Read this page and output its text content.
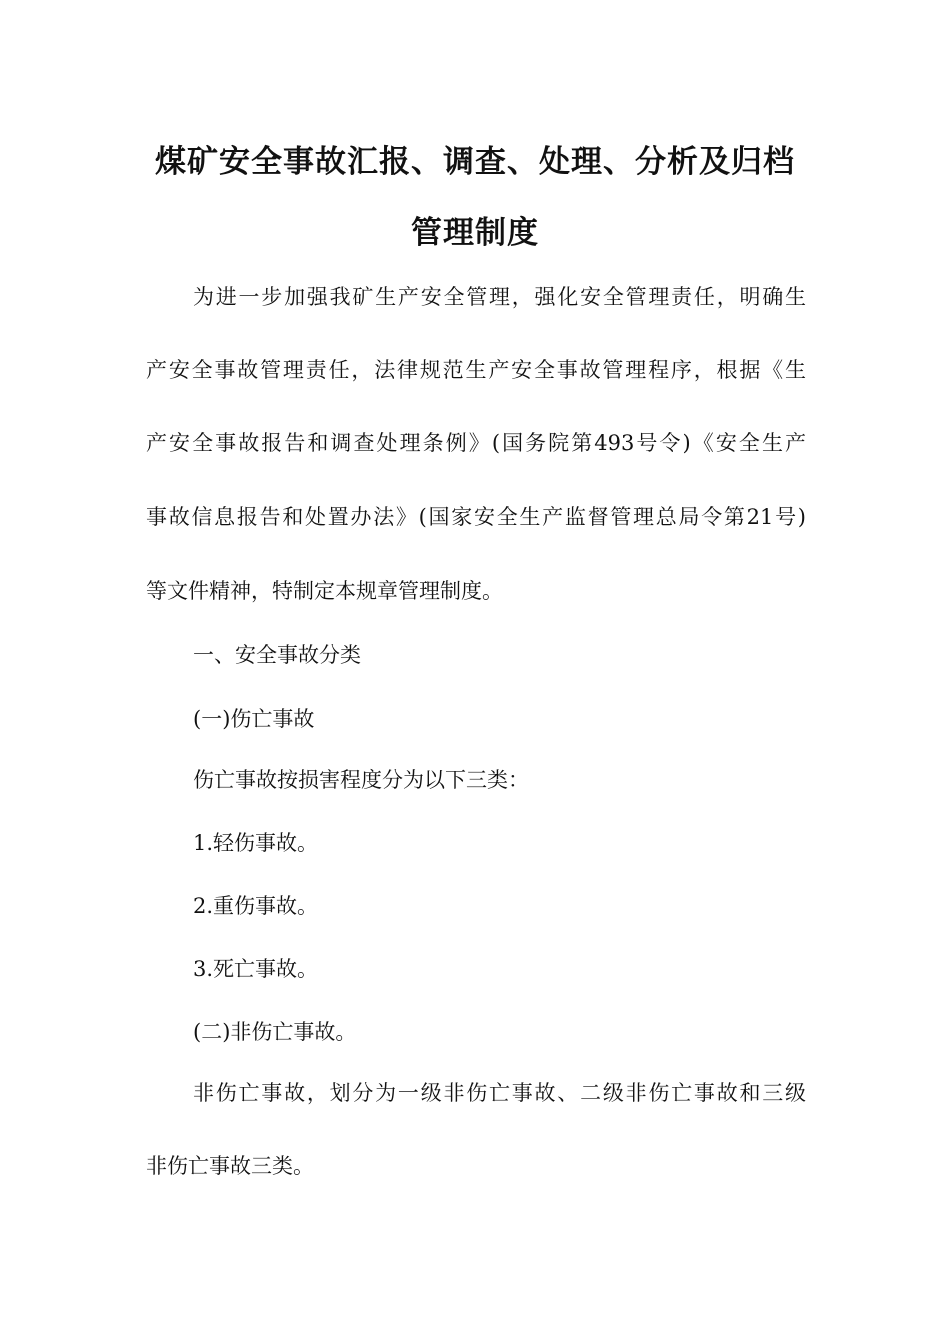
煤矿安全事故汇报、调查、处理、分析及归档
管理制度
为进一步加强我矿生产安全管理，强化安全管理责任，明确生
产安全事故管理责任，法律规范生产安全事故管理程序，根据《生
产安全事故报告和调查处理条例》(国务院第493号令)《安全生产
事故信息报告和处置办法》(国家安全生产监督管理总局令第21号)
等文件精神，特制定本规章管理制度。
一、安全事故分类
(一)伤亡事故
伤亡事故按损害程度分为以下三类：
1.轻伤事故。
2.重伤事故。
3.死亡事故。
(二)非伤亡事故。
非伤亡事故，划分为一级非伤亡事故、二级非伤亡事故和三级
非伤亡事故三类。
